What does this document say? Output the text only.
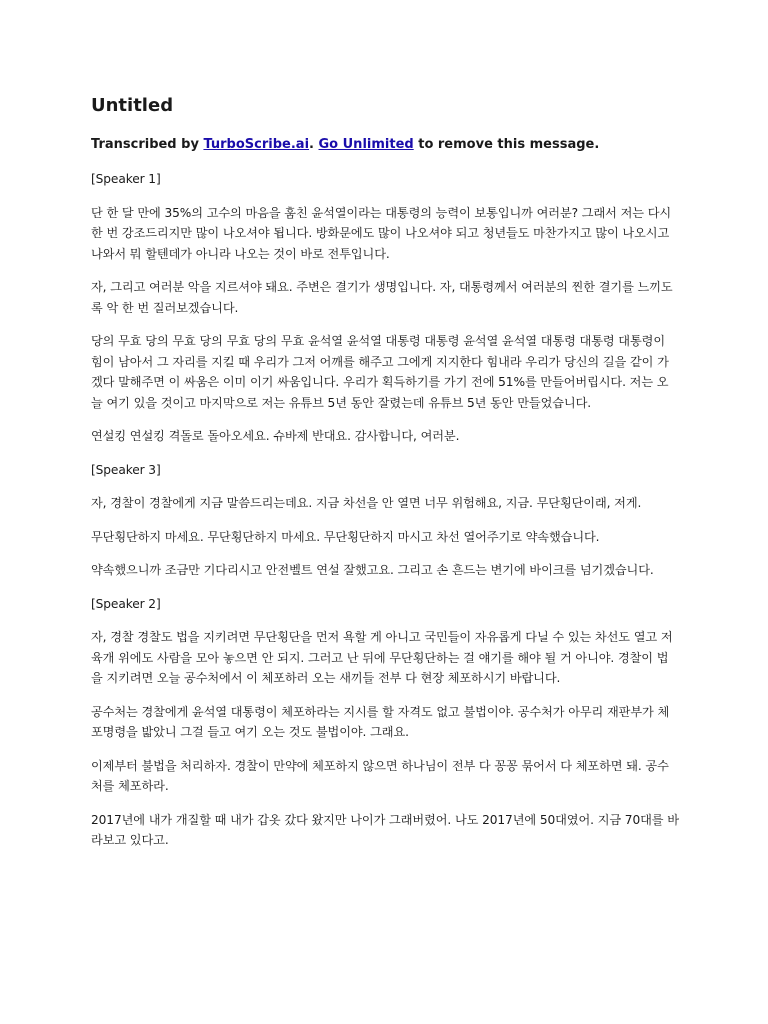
Untitled

Transcribed by TurboScribe.ai. Go Unlimited to remove this message.

[Speaker 1]

단 한 달 만에 35%의 고수의 마음을 훔친 윤석열이라는 대통령의 능력이 보통입니까 여러분? 그래서 저는 다시 한 번 강조드리지만 많이 나오셔야 됩니다. 방화문에도 많이 나오셔야 되고 청년들도 마찬가지고 많이 나오시고 나와서 뭐 할텐데가 아니라 나오는 것이 바로 전투입니다.

자, 그리고 여러분 악을 지르셔야 돼요. 주변은 결기가 생명입니다. 자, 대통령께서 여러분의 찐한 결기를 느끼도록 악 한 번 질러보겠습니다.

당의 무효 당의 무효 당의 무효 당의 무효 윤석열 윤석열 대통령 대통령 윤석열 윤석열 대통령 대통령 대통령이 힘이 남아서 그 자리를 지킬 때 우리가 그저 어깨를 해주고 그에게 지지한다 힘내라 우리가 당신의 길을 같이 가겠다 말해주면 이 싸움은 이미 이기 싸움입니다. 우리가 획득하기를 가기 전에 51%를 만들어버립시다. 저는 오늘 여기 있을 것이고 마지막으로 저는 유튜브 5년 동안 잘렸는데 유튜브 5년 동안 만들었습니다.

연설킹 연설킹 격돌로 돌아오세요. 슈바제 반대요. 감사합니다, 여러분.

[Speaker 3]

자, 경찰이 경찰에게 지금 말씀드리는데요. 지금 차선을 안 열면 너무 위험해요, 지금. 무단횡단이래, 저게.

무단횡단하지 마세요. 무단횡단하지 마세요. 무단횡단하지 마시고 차선 열어주기로 약속했습니다.

약속했으니까 조금만 기다리시고 안전벨트 연설 잘했고요. 그리고 손 흔드는 변기에 바이크를 넘기겠습니다.

[Speaker 2]

자, 경찰 경찰도 법을 지키려면 무단횡단을 먼저 욕할 게 아니고 국민들이 자유롭게 다닐 수 있는 차선도 열고 저 육개 위에도 사람을 모아 놓으면 안 되지. 그러고 난 뒤에 무단횡단하는 걸 얘기를 해야 될 거 아니야. 경찰이 법을 지키려면 오늘 공수처에서 이 체포하러 오는 새끼들 전부 다 현장 체포하시기 바랍니다.

공수처는 경찰에게 윤석열 대통령이 체포하라는 지시를 할 자격도 없고 불법이야. 공수처가 아무리 재판부가 체포명령을 밟았니 그걸 들고 여기 오는 것도 불법이야. 그래요.

이제부터 불법을 처리하자. 경찰이 만약에 체포하지 않으면 하나님이 전부 다 꽁꽁 묶어서 다 체포하면 돼. 공수처를 체포하라.

2017년에 내가 개질할 때 내가 갑옷 갔다 왔지만 나이가 그래버렸어. 나도 2017년에 50대였어. 지금 70대를 바라보고 있다고.
